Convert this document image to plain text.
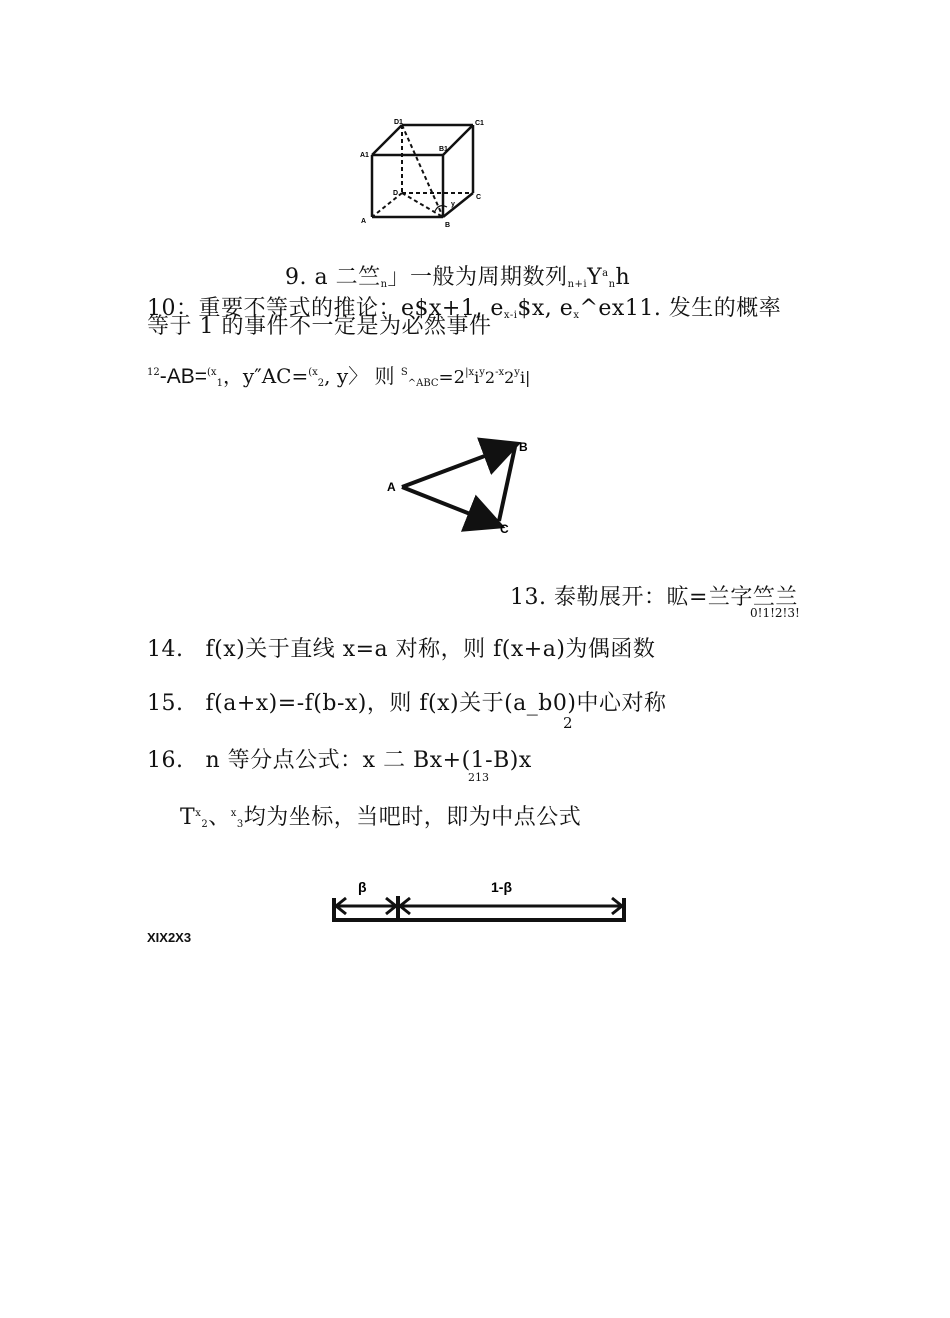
D1	C1
A1
B1
D
C
A
B
y
9. a 二竺$_n$」一般为周期数列$_{n+i}Y^a_nh$
10：重要不等式的推论：e$x+1, $e_{x-i}\$x$, $e_x\^{}ex11$. 发生的概率
等于 1 的事件不一定是为必然事件
$^{12}$-AB=$^{(x}_1$，y″AC=$^{(x}_2$, y〉 则 $^S_{\^{}ABC}=2^{|x}i^y2^{-x}2^yi|$
A
B
C
13. 泰勒展开：昿=兰字竺兰
0!1!2!3!
14. f(x)关于直线 x=a 对称，则 f(x+a)为偶函数
15. f(a+x)=-f(b-x)，则 f(x)关于(a_b0)中心对称
2
16. n 等分点公式：x 二 Bx+(1-B)x
213
$T^x_2$、$^x_3$均为坐标，当吧时，即为中点公式
β	1-β
XIX2X3
